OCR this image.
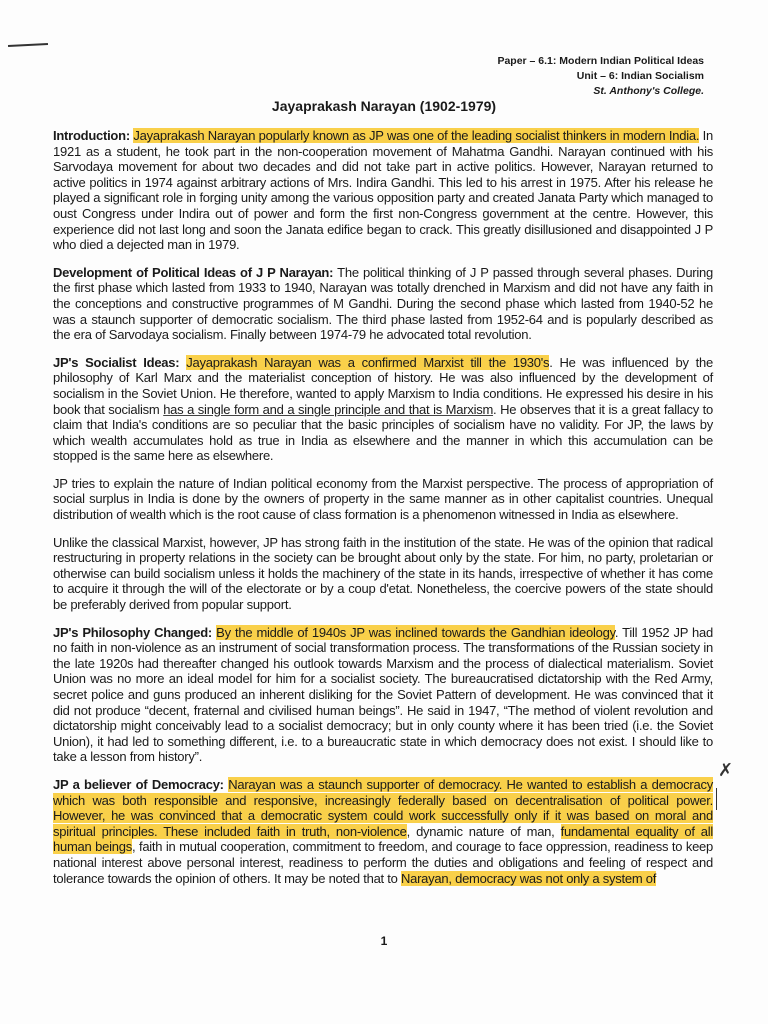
Paper – 6.1: Modern Indian Political Ideas
Unit – 6: Indian Socialism
St. Anthony's College.
Jayaprakash Narayan (1902-1979)

Introduction: Jayaprakash Narayan popularly known as JP was one of the leading socialist thinkers in modern India. In 1921 as a student, he took part in the non-cooperation movement of Mahatma Gandhi. Narayan continued with his Sarvodaya movement for about two decades and did not take part in active politics. However, Narayan returned to active politics in 1974 against arbitrary actions of Mrs. Indira Gandhi. This led to his arrest in 1975. After his release he played a significant role in forging unity among the various opposition party and created Janata Party which managed to oust Congress under Indira out of power and form the first non-Congress government at the centre. However, this experience did not last long and soon the Janata edifice began to crack. This greatly disillusioned and disappointed J P who died a dejected man in 1979.

Development of Political Ideas of J P Narayan: The political thinking of J P passed through several phases. During the first phase which lasted from 1933 to 1940, Narayan was totally drenched in Marxism and did not have any faith in the conceptions and constructive programmes of M Gandhi. During the second phase which lasted from 1940-52 he was a staunch supporter of democratic socialism. The third phase lasted from 1952-64 and is popularly described as the era of Sarvodaya socialism. Finally between 1974-79 he advocated total revolution.

JP's Socialist Ideas: Jayaprakash Narayan was a confirmed Marxist till the 1930's. He was influenced by the philosophy of Karl Marx and the materialist conception of history. He was also influenced by the development of socialism in the Soviet Union. He therefore, wanted to apply Marxism to India conditions. He expressed his desire in his book that socialism has a single form and a single principle and that is Marxism. He observes that it is a great fallacy to claim that India's conditions are so peculiar that the basic principles of socialism have no validity. For JP, the laws by which wealth accumulates hold as true in India as elsewhere and the manner in which this accumulation can be stopped is the same here as elsewhere.

JP tries to explain the nature of Indian political economy from the Marxist perspective. The process of appropriation of social surplus in India is done by the owners of property in the same manner as in other capitalist countries. Unequal distribution of wealth which is the root cause of class formation is a phenomenon witnessed in India as elsewhere.

Unlike the classical Marxist, however, JP has strong faith in the institution of the state. He was of the opinion that radical restructuring in property relations in the society can be brought about only by the state. For him, no party, proletarian or otherwise can build socialism unless it holds the machinery of the state in its hands, irrespective of whether it has come to acquire it through the will of the electorate or by a coup d'etat. Nonetheless, the coercive powers of the state should be preferably derived from popular support.

JP's Philosophy Changed: By the middle of 1940s JP was inclined towards the Gandhian ideology. Till 1952 JP had no faith in non-violence as an instrument of social transformation process. The transformations of the Russian society in the late 1920s had thereafter changed his outlook towards Marxism and the process of dialectical materialism. Soviet Union was no more an ideal model for him for a socialist society. The bureaucratised dictatorship with the Red Army, secret police and guns produced an inherent disliking for the Soviet Pattern of development. He was convinced that it did not produce “decent, fraternal and civilised human beings”. He said in 1947, “The method of violent revolution and dictatorship might conceivably lead to a socialist democracy; but in only county where it has been tried (i.e. the Soviet Union), it had led to something different, i.e. to a bureaucratic state in which democracy does not exist. I should like to take a lesson from history”.

JP a believer of Democracy: Narayan was a staunch supporter of democracy. He wanted to establish a democracy which was both responsible and responsive, increasingly federally based on decentralisation of political power. However, he was convinced that a democratic system could work successfully only if it was based on moral and spiritual principles. These included faith in truth, non-violence, dynamic nature of man, fundamental equality of all human beings, faith in mutual cooperation, commitment to freedom, and courage to face oppression, readiness to keep national interest above personal interest, readiness to perform the duties and obligations and feeling of respect and tolerance towards the opinion of others. It may be noted that to Narayan, democracy was not only a system of

✗
1
